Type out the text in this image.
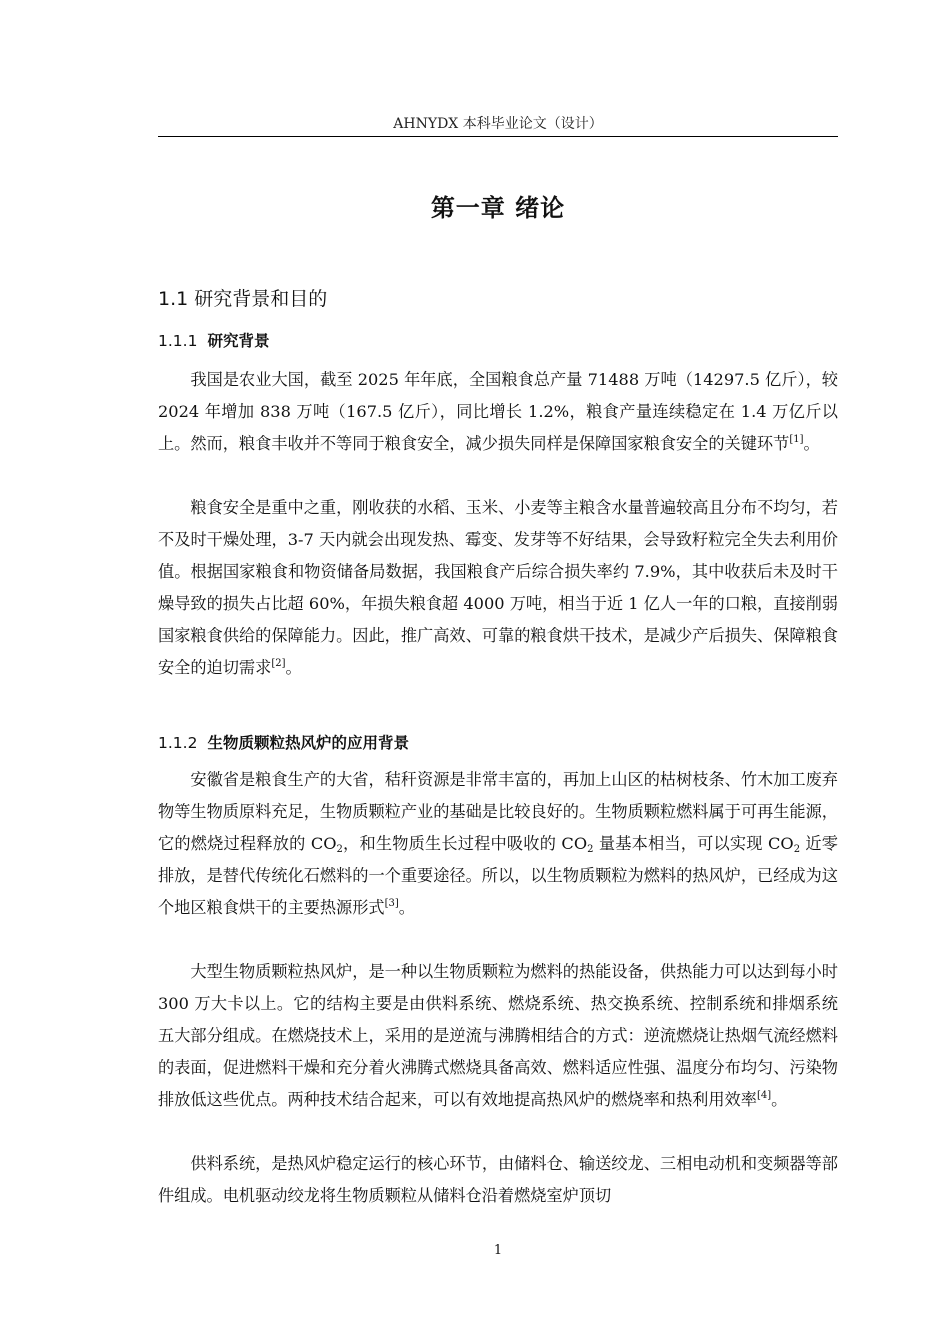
AHNYDX 本科毕业论文（设计）
第一章 绪论
1.1 研究背景和目的
1.1.1 研究背景
我国是农业大国，截至 2025 年年底，全国粮食总产量 71488 万吨（14297.5 亿斤），较 2024 年增加 838 万吨（167.5 亿斤），同比增长 1.2%，粮食产量连续稳定在 1.4 万亿斤以上。然而，粮食丰收并不等同于粮食安全，减少损失同样是保障国家粮食安全的关键环节[1]。
粮食安全是重中之重，刚收获的水稻、玉米、小麦等主粮含水量普遍较高且分布不均匀，若不及时干燥处理，3-7 天内就会出现发热、霉变、发芽等不好结果，会导致籽粒完全失去利用价值。根据国家粮食和物资储备局数据，我国粮食产后综合损失率约 7.9%，其中收获后未及时干燥导致的损失占比超 60%，年损失粮食超 4000 万吨，相当于近 1 亿人一年的口粮，直接削弱国家粮食供给的保障能力。因此，推广高效、可靠的粮食烘干技术，是减少产后损失、保障粮食安全的迫切需求[2]。
1.1.2 生物质颗粒热风炉的应用背景
安徽省是粮食生产的大省，秸秆资源是非常丰富的，再加上山区的枯树枝条、竹木加工废弃物等生物质原料充足，生物质颗粒产业的基础是比较良好的。生物质颗粒燃料属于可再生能源，它的燃烧过程释放的 $CO_2$，和生物质生长过程中吸收的 $CO_2$ 量基本相当，可以实现 $CO_2$ 近零排放，是替代传统化石燃料的一个重要途径。所以，以生物质颗粒为燃料的热风炉，已经成为这个地区粮食烘干的主要热源形式[3]。
大型生物质颗粒热风炉，是一种以生物质颗粒为燃料的热能设备，供热能力可以达到每小时 300 万大卡以上。它的结构主要是由供料系统、燃烧系统、热交换系统、控制系统和排烟系统五大部分组成。在燃烧技术上，采用的是逆流与沸腾相结合的方式：逆流燃烧让热烟气流经燃料的表面，促进燃料干燥和充分着火沸腾式燃烧具备高效、燃料适应性强、温度分布均匀、污染物排放低这些优点。两种技术结合起来，可以有效地提高热风炉的燃烧率和热利用效率[4]。
供料系统，是热风炉稳定运行的核心环节，由储料仓、输送绞龙、三相电动机和变频器等部件组成。电机驱动绞龙将生物质颗粒从储料仓沿着燃烧室炉顶切
1
